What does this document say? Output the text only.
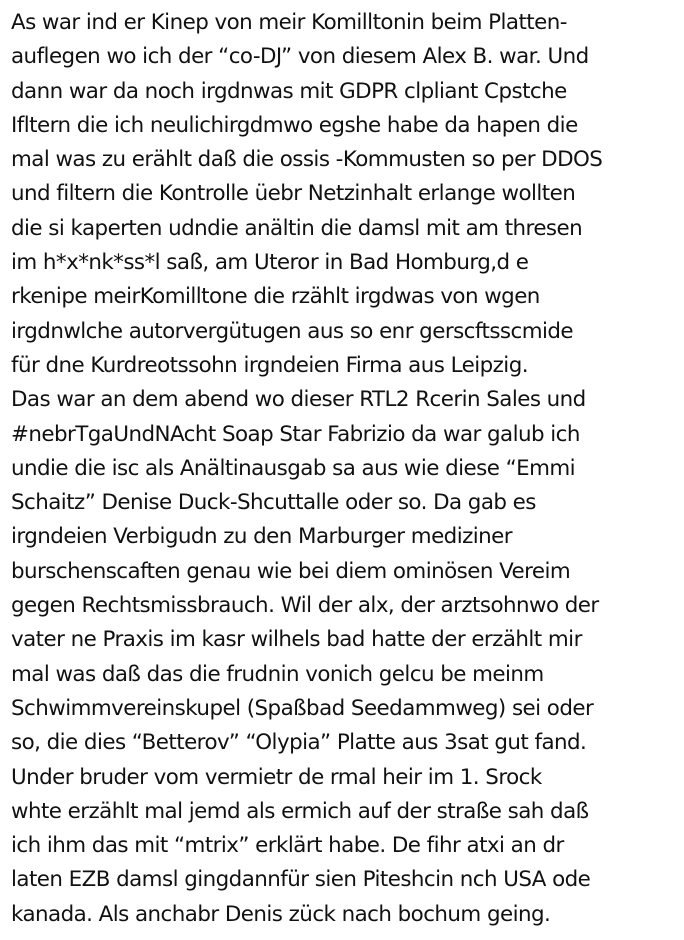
As war ind er Kinep von meir Komilltonin beim Platten-
auflegen wo ich der “co-DJ” von diesem Alex B. war. Und
dann war da noch irgdnwas mit GDPR clpliant Cpstche
Ifltern die ich neulichirgdmwo egshe habe da hapen die
mal was zu erählt daß die ossis -Kommusten so per DDOS
und filtern die Kontrolle üebr Netzinhalt erlange wollten
die si kaperten udndie anältin die damsl mit am thresen
im h*x*nk*ss*l saß, am Uteror in Bad Homburg,d e
rkenipe meirKomilltone die rzählt irgdwas von wgen
irgdnwlche autorvergütugen aus so enr gerscftsscmide
für dne Kurdreotssohn irgndeien Firma aus Leipzig.
Das war an dem abend wo dieser RTL2 Rcerin Sales und
#nebrTgaUndNAcht Soap Star Fabrizio da war galub ich
undie die isc als Anältinausgab sa aus wie diese “Emmi
Schaitz” Denise Duck-Shcuttalle oder so. Da gab es
irgndeien Verbigudn zu den Marburger mediziner
burschenscaften genau wie bei diem ominösen Vereim
gegen Rechtsmissbrauch. Wil der alx, der arztsohnwo der
vater ne Praxis im kasr wilhels bad hatte der erzählt mir
mal was daß das die frudnin vonich gelcu be meinm
Schwimmvereinskupel (Spaßbad Seedammweg) sei oder
so, die dies “Betterov” “Olypia” Platte aus 3sat gut fand.
Under bruder vom vermietr de rmal heir im 1. Srock
whte erzählt mal jemd als ermich auf der straße sah daß
ich ihm das mit “mtrix” erklärt habe. De fihr atxi an dr
laten EZB damsl gingdannfür sien Piteshcin nch USA ode
kanada. Als anchabr Denis zück nach bochum geing.
